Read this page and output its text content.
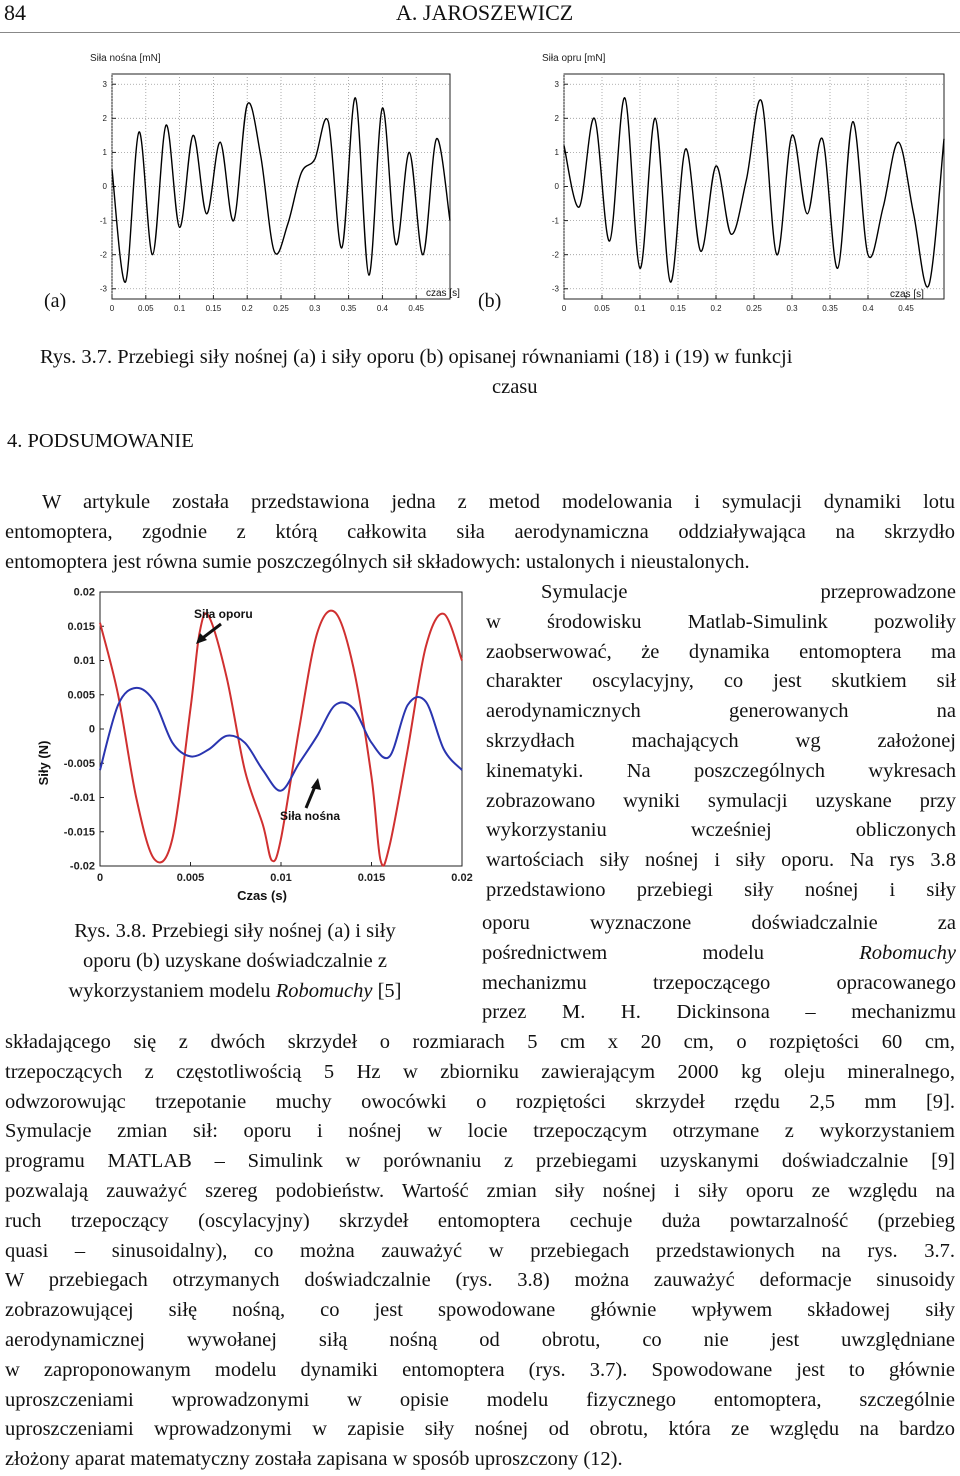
84	A. JAROSZEWICZ
Siła nośna [mN]
3
2
1
0
-1
-2
-3
0	0.05	0.1	0.15	0.2	0.25	0.3	0.35	0.4	0.45
czas [s]
(a)
Siła opru [mN]
3
2
1
0
-1
-2
-3
0	0.05	0.1	0.15	0.2	0.25	0.3	0.35	0.4	0.45
czas [s]
(b)
Rys. 3.7. Przebiegi siły nośnej (a) i siły oporu (b) opisanej równaniami (18) i (19) w funkcji
czasu
4. PODSUMOWANIE
W artykule została przedstawiona jedna z metod modelowania i symulacji dynamiki lotu
entomoptera, zgodnie z którą całkowita siła aerodynamiczna oddziaływająca na skrzydło
entomoptera jest równa sumie poszczególnych sił składowych: ustalonych i nieustalonych.
Siły (N)
0.02
0.015
0.01
0.005
0
-0.005
-0.01
-0.015
-0.02
0	0.005	0.01	0.015	0.02
Siła oporu
Siła nośna
Czas (s)
Rys. 3.8. Przebiegi siły nośnej (a) i siły
oporu (b) uzyskane doświadczalnie z
wykorzystaniem modelu Robomuchy [5]
Symulacje przeprowadzone
w środowisku Matlab-Simulink pozwoliły
zaobserwować, że dynamika entomoptera ma
charakter oscylacyjny, co jest skutkiem sił
aerodynamicznych generowanych na
skrzydłach machających wg założonej
kinematyki. Na poszczególnych wykresach
zobrazowano wyniki symulacji uzyskane przy
wykorzystaniu wcześniej obliczonych
wartościach siły nośnej i siły oporu. Na rys 3.8
przedstawiono przebiegi siły nośnej i siły
oporu wyznaczone doświadczalnie za
pośrednictwem modelu Robomuchy
mechanizmu trzepoczącego opracowanego
przez M. H. Dickinsona – mechanizmu
składającego się z dwóch skrzydeł o rozmiarach 5 cm x 20 cm, o rozpiętości 60 cm,
trzepoczących z częstotliwością 5 Hz w zbiorniku zawierającym 2000 kg oleju mineralnego,
odwzorowując trzepotanie muchy owocówki o rozpiętości skrzydeł rzędu 2,5 mm [9].
Symulacje zmian sił: oporu i nośnej w locie trzepoczącym otrzymane z wykorzystaniem
programu MATLAB – Simulink w porównaniu z przebiegami uzyskanymi doświadczalnie [9]
pozwalają zauważyć szereg podobieństw. Wartość zmian siły nośnej i siły oporu ze względu na
ruch trzepoczący (oscylacyjny) skrzydeł entomoptera cechuje duża powtarzalność (przebieg
quasi – sinusoidalny), co można zauważyć w przebiegach przedstawionych na rys. 3.7.
W przebiegach otrzymanych doświadczalnie (rys. 3.8) można zauważyć deformacje sinusoidy
zobrazowującej siłę nośną, co jest spowodowane głównie wpływem składowej siły
aerodynamicznej wywołanej siłą nośną od obrotu, co nie jest uwzględniane
w zaproponowanym modelu dynamiki entomoptera (rys. 3.7). Spowodowane jest to głównie
uproszczeniami wprowadzonymi w opisie modelu fizycznego entomoptera, szczególnie
uproszczeniami wprowadzonymi w zapisie siły nośnej od obrotu, która ze względu na bardzo
złożony aparat matematyczny została zapisana w sposób uproszczony (12).
